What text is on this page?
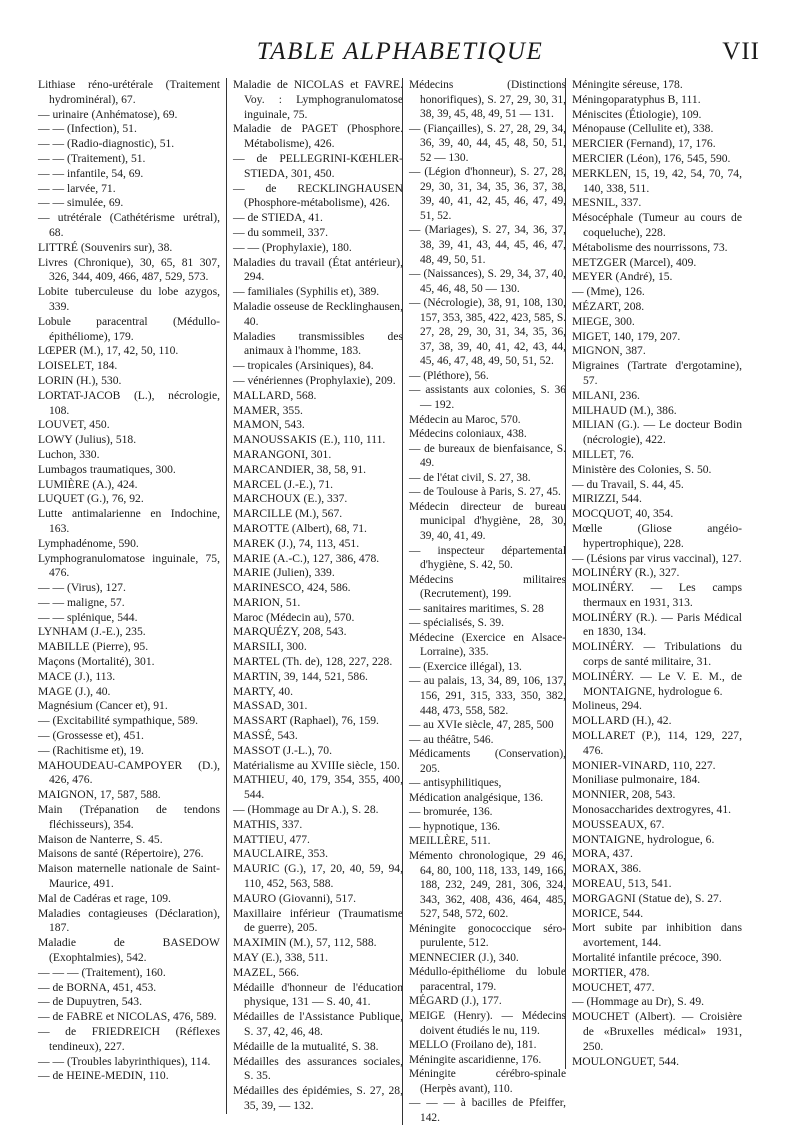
TABLE ALPHABETIQUE	VII

Lithiase réno-urétérale (Traitement hydrominéral), 67.

— urinaire (Anhématose), 69.

— — (Infection), 51.

— — (Radio-diagnostic), 51.

— — (Traitement), 51.

— — infantile, 54, 69.

— — larvée, 71.

— — simulée, 69.

— utrétérale (Cathétérisme urétral), 68.

LITTRÉ (Souvenirs sur), 38.

Livres (Chronique), 30, 65, 81 307, 326, 344, 409, 466, 487, 529, 573.

Lobite tuberculeuse du lobe azygos, 339.

Lobule paracentral (Médullo-épithéliome), 179.

LŒPER (M.), 17, 42, 50, 110.

LOISELET, 184.

LORIN (H.), 530.

LORTAT-JACOB (L.), nécrologie, 108.

LOUVET, 450.

LOWY (Julius), 518.

Luchon, 330.

Lumbagos traumatiques, 300.

LUMIÈRE (A.), 424.

LUQUET (G.), 76, 92.

Lutte antimalarienne en Indochine, 163.

Lymphadénome, 590.

Lymphogranulomatose inguinale, 75, 476.

— — (Virus), 127.

— — maligne, 57.

— — splénique, 544.

LYNHAM (J.-E.), 235.

MABILLE (Pierre), 95.

Maçons (Mortalité), 301.

MACE (J.), 113.

MAGE (J.), 40.

Magnésium (Cancer et), 91.

— (Excitabilité sympathique, 589.

— (Grossesse et), 451.

— (Rachitisme et), 19.

MAHOUDEAU-CAMPOYER (D.), 426, 476.

MAIGNON, 17, 587, 588.

Main (Trépanation de tendons fléchisseurs), 354.

Maison de Nanterre, S. 45.

Maisons de santé (Répertoire), 276.

Maison maternelle nationale de Saint-Maurice, 491.

Mal de Cadéras et rage, 109.

Maladies contagieuses (Déclaration), 187.

Maladie de BASEDOW (Exophtalmies), 542.

— — — (Traitement), 160.

— de BORNA, 451, 453.

— de Dupuytren, 543.

— de FABRE et NICOLAS, 476, 589.

— de FRIEDREICH (Réflexes tendineux), 227.

— — (Troubles labyrinthiques), 114.

— de HEINE-MEDIN, 110.

Maladie de NICOLAS et FAVRE. Voy. : Lymphogranulomatose inguinale, 75.

Maladie de PAGET (Phosphore. Métabolisme), 426.

— de PELLEGRINI-KŒHLER-STIEDA, 301, 450.

— de RECKLINGHAUSEN (Phosphore-métabolisme), 426.

— de STIEDA, 41.

— du sommeil, 337.

— — (Prophylaxie), 180.

Maladies du travail (État antérieur), 294.

— familiales (Syphilis et), 389.

Maladie osseuse de Recklinghausen, 40.

Maladies transmissibles des animaux à l'homme, 183.

— tropicales (Arsiniques), 84.

— vénériennes (Prophylaxie), 209.

MALLARD, 568.

MAMER, 355.

MAMON, 543.

MANOUSSAKIS (E.), 110, 111.

MARANGONI, 301.

MARCANDIER, 38, 58, 91.

MARCEL (J.-E.), 71.

MARCHOUX (E.), 337.

MARCILLE (M.), 567.

MAROTTE (Albert), 68, 71.

MAREK (J.), 74, 113, 451.

MARIE (A.-C.), 127, 386, 478.

MARIE (Julien), 339.

MARINESCO, 424, 586.

MARION, 51.

Maroc (Médecin au), 570.

MARQUÉZY, 208, 543.

MARSILI, 300.

MARTEL (Th. de), 128, 227, 228.

MARTIN, 39, 144, 521, 586.

MARTY, 40.

MASSAD, 301.

MASSART (Raphael), 76, 159.

MASSÉ, 543.

MASSOT (J.-L.), 70.

Matérialisme au XVIIIe siècle, 150.

MATHIEU, 40, 179, 354, 355, 400, 544.

— (Hommage au Dr A.), S. 28.

MATHIS, 337.

MATTIEU, 477.

MAUCLAIRE, 353.

MAURIC (G.), 17, 20, 40, 59, 94, 110, 452, 563, 588.

MAURO (Giovanni), 517.

Maxillaire inférieur (Traumatisme de guerre), 205.

MAXIMIN (M.), 57, 112, 588.

MAY (E.), 338, 511.

MAZEL, 566.

Médaille d'honneur de l'éducation physique, 131 — S. 40, 41.

Médailles de l'Assistance Publique, S. 37, 42, 46, 48.

Médaille de la mutualité, S. 38.

Médailles des assurances sociales, S. 35.

Médailles des épidémies, S. 27, 28, 35, 39, — 132.

Médecins (Distinctions honorifiques), S. 27, 29, 30, 31, 38, 39, 45, 48, 49, 51 — 131.

— (Fiançailles), S. 27, 28, 29, 34, 36, 39, 40, 44, 45, 48, 50, 51, 52 — 130.

— (Légion d'honneur), S. 27, 28, 29, 30, 31, 34, 35, 36, 37, 38, 39, 40, 41, 42, 45, 46, 47, 49, 51, 52.

— (Mariages), S. 27, 34, 36, 37, 38, 39, 41, 43, 44, 45, 46, 47, 48, 49, 50, 51.

— (Naissances), S. 29, 34, 37, 40, 45, 46, 48, 50 — 130.

— (Nécrologie), 38, 91, 108, 130, 157, 353, 385, 422, 423, 585, S. 27, 28, 29, 30, 31, 34, 35, 36, 37, 38, 39, 40, 41, 42, 43, 44, 45, 46, 47, 48, 49, 50, 51, 52.

— (Pléthore), 56.

— assistants aux colonies, S. 36 — 192.

Médecin au Maroc, 570.

Médecins coloniaux, 438.

— de bureaux de bienfaisance, S. 49.

— de l'état civil, S. 27, 38.

— de Toulouse à Paris, S. 27, 45.

Médecin directeur de bureau municipal d'hygiène, 28, 30, 39, 40, 41, 49.

— inspecteur départemental d'hygiène, S. 42, 50.

Médecins militaires (Recrutement), 199.

— sanitaires maritimes, S. 28

— spécialisés, S. 39.

Médecine (Exercice en Alsace-Lorraine), 335.

— (Exercice illégal), 13.

— au palais, 13, 34, 89, 106, 137, 156, 291, 315, 333, 350, 382, 448, 473, 558, 582.

— au XVIe siècle, 47, 285, 500

— au théâtre, 546.

Médicaments (Conservation), 205.

— antisyphilitiques,

Médication analgésique, 136.

— bromurée, 136.

— hypnotique, 136.

MEILLÈRE, 511.

Mémento chronologique, 29 46, 64, 80, 100, 118, 133, 149, 166, 188, 232, 249, 281, 306, 324, 343, 362, 408, 436, 464, 485, 527, 548, 572, 602.

Méningite gonococcique séro-purulente, 512.

MENNECIER (J.), 340.

Médullo-épithéliome du lobule paracentral, 179.

MÉGARD (J.), 177.

MEIGE (Henry). — Médecins doivent étudiés le nu, 119.

MELLO (Froilano de), 181.

Méningite ascaridienne, 176.

Méningite cérébro-spinale (Herpès avant), 110.

— — — à bacilles de Pfeiffer, 142.

Méningite séreuse, 178.

Méningoparatyphus B, 111.

Méniscites (Étiologie), 109.

Ménopause (Cellulite et), 338.

MERCIER (Fernand), 17, 176.

MERCIER (Léon), 176, 545, 590.

MERKLEN, 15, 19, 42, 54, 70, 74, 140, 338, 511.

MESNIL, 337.

Mésocéphale (Tumeur au cours de coqueluche), 228.

Métabolisme des nourrissons, 73.

METZGER (Marcel), 409.

MEYER (André), 15.

— (Mme), 126.

MÉZART, 208.

MIEGE, 300.

MIGET, 140, 179, 207.

MIGNON, 387.

Migraines (Tartrate d'ergotamine), 57.

MILANI, 236.

MILHAUD (M.), 386.

MILIAN (G.). — Le docteur Bodin (nécrologie), 422.

MILLET, 76.

Ministère des Colonies, S. 50.

— du Travail, S. 44, 45.

MIRIZZI, 544.

MOCQUOT, 40, 354.

Mœlle (Gliose angéio-hypertrophique), 228.

— (Lésions par virus vaccinal), 127.

MOLINÉRY (R.), 327.

MOLINÉRY. — Les camps thermaux en 1931, 313.

MOLINÉRY (R.). — Paris Médical en 1830, 134.

MOLINÉRY. — Tribulations du corps de santé militaire, 31.

MOLINÉRY. — Le V. E. M., de MONTAIGNE, hydrologue 6.

Molineus, 294.

MOLLARD (H.), 42.

MOLLARET (P.), 114, 129, 227, 476.

MONIER-VINARD, 110, 227.

Moniliase pulmonaire, 184.

MONNIER, 208, 543.

Monosaccharides dextrogyres, 41.

MOUSSEAUX, 67.

MONTAIGNE, hydrologue, 6.

MORA, 437.

MORAX, 386.

MOREAU, 513, 541.

MORGAGNI (Statue de), S. 27.

MORICE, 544.

Mort subite par inhibition dans avortement, 144.

Mortalité infantile précoce, 390.

MORTIER, 478.

MOUCHET, 477.

— (Hommage au Dr), S. 49.

MOUCHET (Albert). — Croisière de «Bruxelles médical» 1931, 250.

MOULONGUET, 544.
